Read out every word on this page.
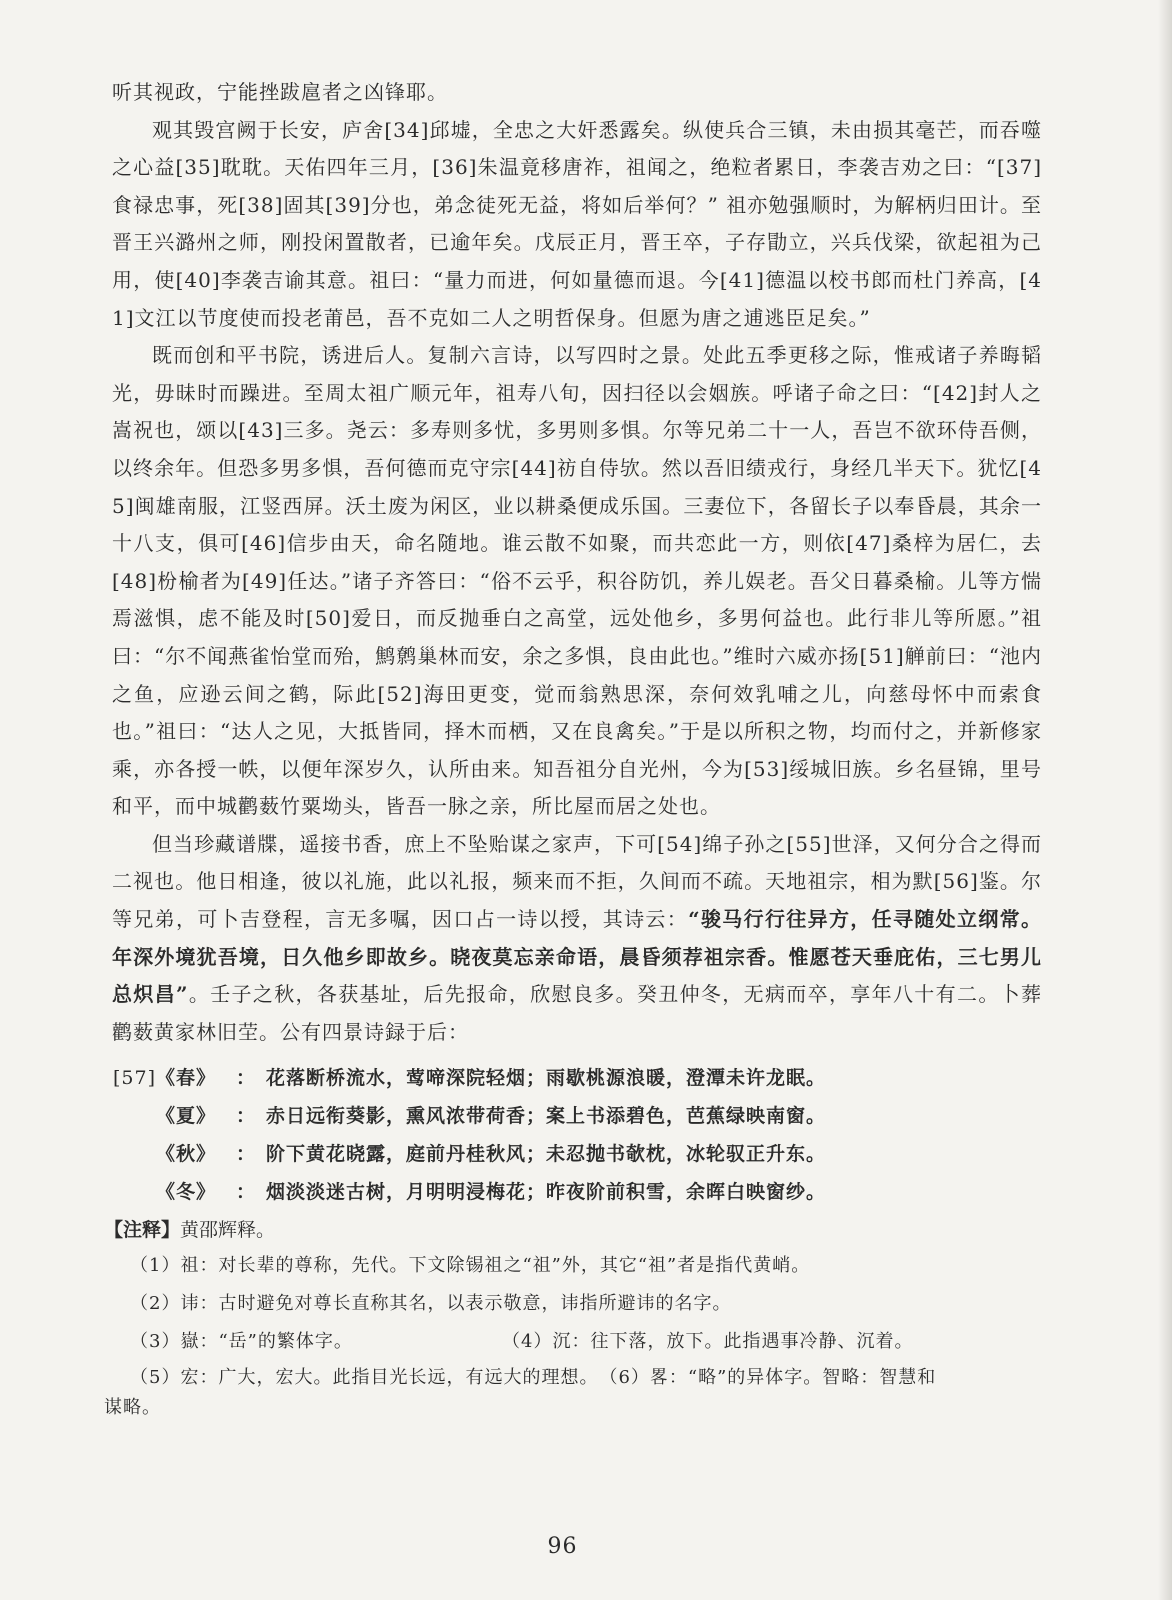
听其视政，宁能挫跋扈者之凶锋耶。

观其毁宫阙于长安，庐舍[34]邱墟，全忠之大奸悉露矣。纵使兵合三镇，未由损其毫芒，而吞噬之心益[35]耽耽。天佑四年三月，[36]朱温竟移唐祚，祖闻之，绝粒者累日，李袭吉劝之曰：“[37]食禄忠事，死[38]固其[39]分也，弟念徒死无益，将如后举何？” 祖亦勉强顺时，为解柄归田计。至晋王兴潞州之师，刚投闲置散者，已逾年矣。戊辰正月，晋王卒，子存勖立，兴兵伐梁，欲起祖为己用，使[40]李袭吉谕其意。祖曰：“量力而进，何如量德而退。今[41]德温以校书郎而杜门养高，[41]文江以节度使而投老莆邑，吾不克如二人之明哲保身。但愿为唐之逋逃臣足矣。”

既而创和平书院，诱进后人。复制六言诗，以写四时之景。处此五季更移之际，惟戒诸子养晦韬光，毋昧时而躁进。至周太祖广顺元年，祖寿八旬，因扫径以会姻族。呼诸子命之曰：“[42]封人之嵩祝也，颂以[43]三多。尧云：多寿则多忧，多男则多惧。尔等兄弟二十一人，吾岂不欲环侍吾侧，以终余年。但恐多男多惧，吾何德而克守宗[44]祊自侍欤。然以吾旧绩戎行，身经几半天下。犹忆[45]闽雄南服，江竖西屏。沃土废为闲区，业以耕桑便成乐国。三妻位下，各留长子以奉昏晨，其余一十八支，俱可[46]信步由天，命名随地。谁云散不如聚，而共恋此一方，则依[47]桑梓为居仁，去[48]枌榆者为[49]任达。”诸子齐答曰：“俗不云乎，积谷防饥，养儿娱老。吾父日暮桑榆。儿等方惴焉滋惧，虑不能及时[50]爱日，而反抛垂白之高堂，远处他乡，多男何益也。此行非儿等所愿。”祖曰：“尔不闻燕雀怡堂而殆，鹪鹩巢林而安，余之多惧，良由此也。”维时六威亦扬[51]觯前曰：“池内之鱼，应逊云间之鹤，际此[52]海田更变，觉而翁熟思深，奈何效乳哺之儿，向慈母怀中而索食也。”祖曰：“达人之见，大抵皆同，择木而栖，又在良禽矣。”于是以所积之物，均而付之，并新修家乘，亦各授一帙，以便年深岁久，认所由来。知吾祖分自光州，今为[53]绥城旧族。乡名昼锦，里号和平，而中城鹳薮竹粟坳头，皆吾一脉之亲，所比屋而居之处也。

但当珍藏谱牒，遥接书香，庶上不坠贻谋之家声，下可[54]绵子孙之[55]世泽，又何分合之得而二视也。他日相逢，彼以礼施，此以礼报，频来而不拒，久间而不疏。天地祖宗，相为默[56]鉴。尔等兄弟，可卜吉登程，言无多嘱，因口占一诗以授，其诗云：“骏马行行往异方，任寻随处立纲常。年深外境犹吾境，日久他乡即故乡。晓夜莫忘亲命语，晨昏须荐祖宗香。惟愿苍天垂庇佑，三七男儿总炽昌”。壬子之秋，各获基址，后先报命，欣慰良多。癸丑仲冬，无病而卒，享年八十有二。卜葬鹳薮黄家林旧茔。公有四景诗録于后：

[57] 《春》	： 花落断桥流水，莺啼深院轻烟；雨歇桃源浪暖，澄潭未许龙眠。

《夏》	： 赤日远衔葵影，熏风浓带荷香；案上书添碧色，芭蕉绿映南窗。

《秋》	： 阶下黄花晓露，庭前丹桂秋风；未忍抛书欹枕，冰轮驭正升东。

《冬》	： 烟淡淡迷古树，月明明浸梅花；昨夜阶前积雪，余晖白映窗纱。

【注释】黄邵辉释。

（1）祖：对长辈的尊称，先代。下文除锡祖之“祖”外，其它“祖”者是指代黄峭。

（2）讳：古时避免对尊长直称其名，以表示敬意，讳指所避讳的名字。

（3）嶽：“岳”的繁体字。	（4）沉：往下落，放下。此指遇事冷静、沉着。

（5）宏：广大，宏大。此指目光长远，有远大的理想。　（6）畧：“略”的异体字。智略：智慧和

谋略。

96
